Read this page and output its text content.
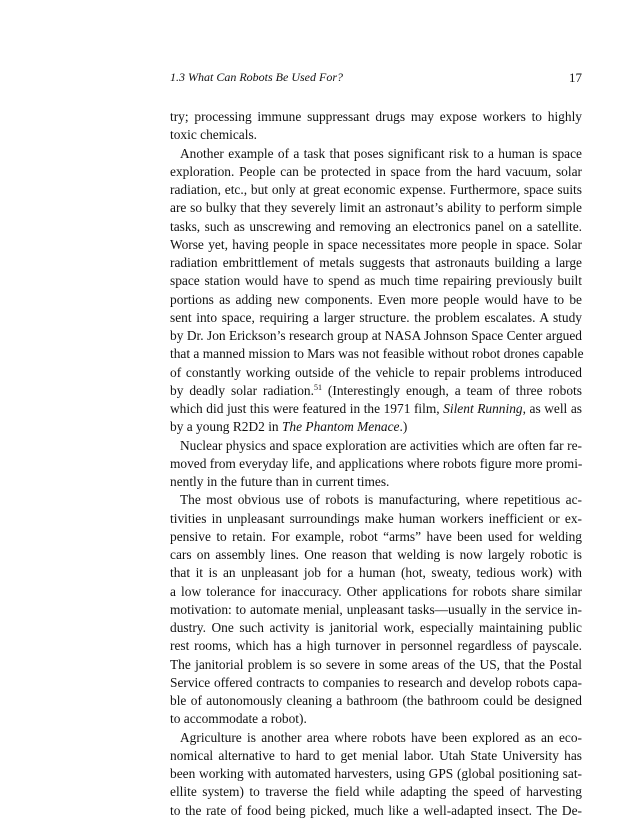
1.3 What Can Robots Be Used For?	17
try; processing immune suppressant drugs may expose workers to highly
toxic chemicals.
Another example of a task that poses significant risk to a human is space
exploration. People can be protected in space from the hard vacuum, solar
radiation, etc., but only at great economic expense. Furthermore, space suits
are so bulky that they severely limit an astronaut’s ability to perform simple
tasks, such as unscrewing and removing an electronics panel on a satellite.
Worse yet, having people in space necessitates more people in space. Solar
radiation embrittlement of metals suggests that astronauts building a large
space station would have to spend as much time repairing previously built
portions as adding new components. Even more people would have to be
sent into space, requiring a larger structure. the problem escalates. A study
by Dr. Jon Erickson’s research group at NASA Johnson Space Center argued
that a manned mission to Mars was not feasible without robot drones capable
of constantly working outside of the vehicle to repair problems introduced
by deadly solar radiation.$^{51}$ (Interestingly enough, a team of three robots
which did just this were featured in the 1971 film, Silent Running, as well as
by a young R2D2 in The Phantom Menace.)
Nuclear physics and space exploration are activities which are often far re-
moved from everyday life, and applications where robots figure more promi-
nently in the future than in current times.
The most obvious use of robots is manufacturing, where repetitious ac-
tivities in unpleasant surroundings make human workers inefficient or ex-
pensive to retain. For example, robot “arms” have been used for welding
cars on assembly lines. One reason that welding is now largely robotic is
that it is an unpleasant job for a human (hot, sweaty, tedious work) with
a low tolerance for inaccuracy. Other applications for robots share similar
motivation: to automate menial, unpleasant tasks—usually in the service in-
dustry. One such activity is janitorial work, especially maintaining public
rest rooms, which has a high turnover in personnel regardless of payscale.
The janitorial problem is so severe in some areas of the US, that the Postal
Service offered contracts to companies to research and develop robots capa-
ble of autonomously cleaning a bathroom (the bathroom could be designed
to accommodate a robot).
Agriculture is another area where robots have been explored as an eco-
nomical alternative to hard to get menial labor. Utah State University has
been working with automated harvesters, using GPS (global positioning sat-
ellite system) to traverse the field while adapting the speed of harvesting
to the rate of food being picked, much like a well-adapted insect. The De-
